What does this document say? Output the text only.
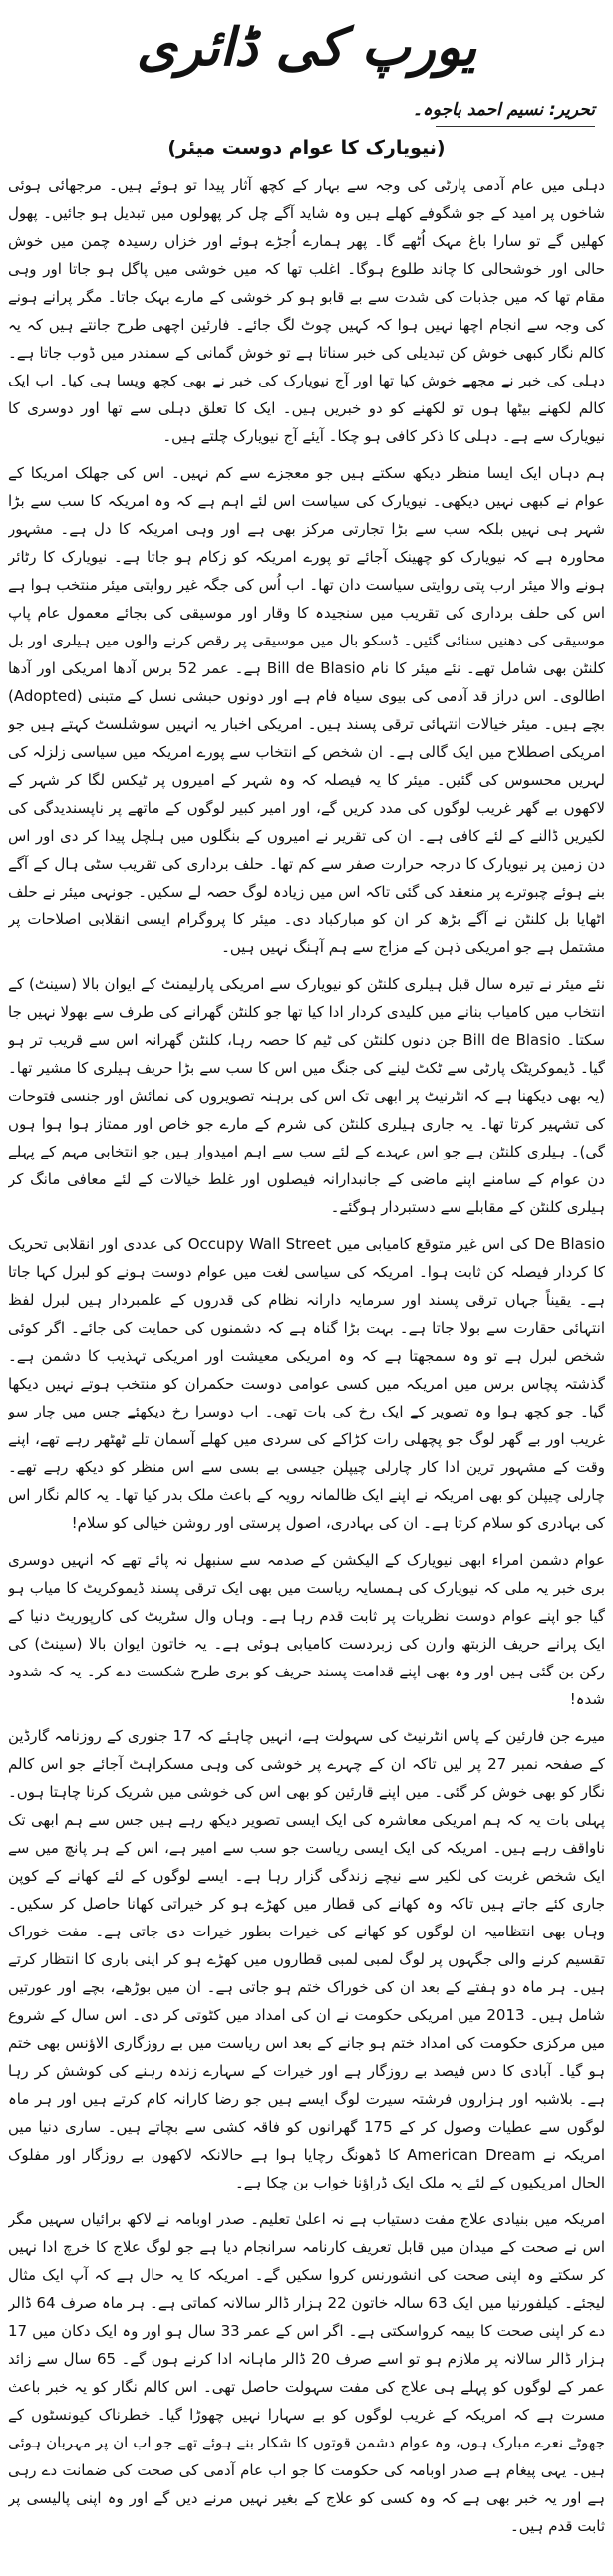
یورپ کی ڈائری
تحریر: نسیم احمد باجوہ۔
(نیویارک کا عوام دوست میئر)

دہلی میں عام آدمی پارٹی کی وجہ سے بہار کے کچھ آثار پیدا تو ہوئے ہیں۔ مرجھائی ہوئی شاخوں پر امید کے جو شگوفے کھلے ہیں وہ شاید آگے چل کر پھولوں میں تبدیل ہو جائیں۔ پھول کھلیں گے تو سارا باغ مہک اُٹھے گا۔ پھر ہمارے اُجڑے ہوئے اور خزاں رسیدہ چمن میں خوش حالی اور خوشحالی کا چاند طلوع ہوگا۔ اغلب تھا کہ میں خوشی میں پاگل ہو جاتا اور وہی مقام تھا کہ میں جذبات کی شدت سے بے قابو ہو کر خوشی کے مارے بہک جاتا۔ مگر پرانے ہونے کی وجہ سے انجام اچھا نہیں ہوا کہ کہیں چوٹ لگ جائے۔ فارئین اچھی طرح جانتے ہیں کہ یہ کالم نگار کبھی خوش کن تبدیلی کی خبر سناتا ہے تو خوش گمانی کے سمندر میں ڈوب جاتا ہے۔ دہلی کی خبر نے مجھے خوش کیا تھا اور آج نیویارک کی خبر نے بھی کچھ ویسا ہی کیا۔ اب ایک کالم لکھنے بیٹھا ہوں تو لکھنے کو دو خبریں ہیں۔ ایک کا تعلق دہلی سے تھا اور دوسری کا نیویارک سے ہے۔ دہلی کا ذکر کافی ہو چکا۔ آیئے آج نیویارک چلتے ہیں۔

ہم دہاں ایک ایسا منظر دیکھ سکتے ہیں جو معجزے سے کم نہیں۔ اس کی جھلک امریکا کے عوام نے کبھی نہیں دیکھی۔ نیویارک کی سیاست اس لئے اہم ہے کہ وہ امریکہ کا سب سے بڑا شہر ہی نہیں بلکہ سب سے بڑا تجارتی مرکز بھی ہے اور وہی امریکہ کا دل ہے۔ مشہور محاورہ ہے کہ نیویارک کو چھینک آجائے تو پورے امریکہ کو زکام ہو جاتا ہے۔ نیویارک کا رٹائر ہونے والا میئر ارب پتی روایتی سیاست دان تھا۔ اب اُس کی جگہ غیر روایتی میئر منتخب ہوا ہے اس کی حلف برداری کی تقریب میں سنجیدہ کا وقار اور موسیقی کی بجائے معمول عام پاپ موسیقی کی دھنیں سنائی گئیں۔ ڈسکو بال میں موسیقی پر رقص کرنے والوں میں ہیلری اور بل کلنٹن بھی شامل تھے۔ نئے میئر کا نام Bill de Blasio ہے۔ عمر 52 برس آدھا امریکی اور آدھا اطالوی۔ اس دراز قد آدمی کی بیوی سیاہ فام ہے اور دونوں حبشی نسل کے متبنی (Adopted) بچے ہیں۔ میئر خیالات انتہائی ترقی پسند ہیں۔ امریکی اخبار یہ انہیں سوشلسٹ کہتے ہیں جو امریکی اصطلاح میں ایک گالی ہے۔ ان شخص کے انتخاب سے پورے امریکہ میں سیاسی زلزلہ کی لہریں محسوس کی گئیں۔ میئر کا یہ فیصلہ کہ وہ شہر کے امیروں پر ٹیکس لگا کر شہر کے لاکھوں بے گھر غریب لوگوں کی مدد کریں گے، اور امیر کبیر لوگوں کے ماتھے پر ناپسندیدگی کی لکیریں ڈالنے کے لئے کافی ہے۔ ان کی تقریر نے امیروں کے بنگلوں میں ہلچل پیدا کر دی اور اس دن زمین پر نیویارک کا درجہ حرارت صفر سے کم تھا۔ حلف برداری کی تقریب سٹی ہال کے آگے بنے ہوئے چبوترے پر منعقد کی گئی تاکہ اس میں زیادہ لوگ حصہ لے سکیں۔ جونہی میئر نے حلف اٹھایا بل کلنٹن نے آگے بڑھ کر ان کو مبارکباد دی۔ میئر کا پروگرام ایسی انقلابی اصلاحات پر مشتمل ہے جو امریکی ذہن کے مزاج سے ہم آہنگ نہیں ہیں۔

نئے میئر نے تیرہ سال قبل ہیلری کلنٹن کو نیویارک سے امریکی پارلیمنٹ کے ایوان بالا (سینٹ) کے انتخاب میں کامیاب بنانے میں کلیدی کردار ادا کیا تھا جو کلنٹن گھرانے کی طرف سے بھولا نہیں جا سکتا۔ Bill de Blasio جن دنوں کلنٹن کی ٹیم کا حصہ رہا، کلنٹن گھرانہ اس سے قریب تر ہو گیا۔ ڈیموکریٹک پارٹی سے ٹکٹ لینے کی جنگ میں اس کا سب سے بڑا حریف ہیلری کا مشیر تھا۔ (یہ بھی دیکھنا ہے کہ انٹرنیٹ پر ابھی تک اس کی برہنہ تصویروں کی نمائش اور جنسی فتوحات کی تشہیر کرتا تھا۔ یہ جاری ہیلری کلنٹن کی شرم کے مارے جو خاص اور ممتاز ہوا ہوا ہوں گی)۔ ہیلری کلنٹن ہے جو اس عہدے کے لئے سب سے اہم امیدوار ہیں جو انتخابی مہم کے پہلے دن عوام کے سامنے اپنے ماضی کے جانبدارانہ فیصلوں اور غلط خیالات کے لئے معافی مانگ کر ہیلری کلنٹن کے مقابلے سے دستبردار ہوگئے۔

De Blasio کی اس غیر متوقع کامیابی میں Occupy Wall Street کی عددی اور انقلابی تحریک کا کردار فیصلہ کن ثابت ہوا۔ امریکہ کی سیاسی لغت میں عوام دوست ہونے کو لبرل کہا جاتا ہے۔ یقیناً جہاں ترقی پسند اور سرمایہ دارانہ نظام کی قدروں کے علمبردار ہیں لبرل لفظ انتہائی حقارت سے بولا جاتا ہے۔ بہت بڑا گناہ ہے کہ دشمنوں کی حمایت کی جائے۔ اگر کوئی شخص لبرل ہے تو وہ سمجھتا ہے کہ وہ امریکی معیشت اور امریکی تہذیب کا دشمن ہے۔ گذشتہ پچاس برس میں امریکہ میں کسی عوامی دوست حکمران کو منتخب ہوتے نہیں دیکھا گیا۔ جو کچھ ہوا وہ تصویر کے ایک رخ کی بات تھی۔ اب دوسرا رخ دیکھئے جس میں چار سو غریب اور بے گھر لوگ جو پچھلی رات کڑاکے کی سردی میں کھلے آسمان تلے ٹھٹھر رہے تھے، اپنے وقت کے مشہور ترین ادا کار چارلی چیپلن جیسی بے بسی سے اس منظر کو دیکھ رہے تھے۔ چارلی چیپلن کو بھی امریکہ نے اپنے ایک ظالمانہ رویہ کے باعث ملک بدر کیا تھا۔ یہ کالم نگار اس کی بہادری کو سلام کرتا ہے۔ ان کی بہادری، اصول پرستی اور روشن خیالی کو سلام!

عوام دشمن امراء ابھی نیویارک کے الیکشن کے صدمہ سے سنبھل نہ پائے تھے کہ انہیں دوسری بری خبر یہ ملی کہ نیویارک کی ہمسایہ ریاست میں بھی ایک ترقی پسند ڈیموکریٹ کا میاب ہو گیا جو اپنے عوام دوست نظریات پر ثابت قدم رہا ہے۔ وہاں وال سٹریٹ کی کارپوریٹ دنیا کے ایک پرانے حریف الزبتھ وارن کی زبردست کامیابی ہوئی ہے۔ یہ خاتون ایوان بالا (سینٹ) کی رکن بن گئی ہیں اور وہ بھی اپنے قدامت پسند حریف کو بری طرح شکست دے کر۔ یہ کہ شدود شدہ!

میرے جن فارئین کے پاس انٹرنیٹ کی سہولت ہے، انہیں چاہئے کہ 17 جنوری کے روزنامہ گارڈین کے صفحہ نمبر 27 پر لیں تاکہ ان کے چہرے پر خوشی کی وہی مسکراہٹ آجائے جو اس کالم نگار کو بھی خوش کر گئی۔ میں اپنے قارئین کو بھی اس کی خوشی میں شریک کرنا چاہتا ہوں۔ پہلی بات یہ کہ ہم امریکی معاشرہ کی ایک ایسی تصویر دیکھ رہے ہیں جس سے ہم ابھی تک ناواقف رہے ہیں۔ امریکہ کی ایک ایسی ریاست جو سب سے امیر ہے، اس کے ہر پانچ میں سے ایک شخص غربت کی لکیر سے نیچے زندگی گزار رہا ہے۔ ایسے لوگوں کے لئے کھانے کے کوپن جاری کئے جاتے ہیں تاکہ وہ کھانے کی قطار میں کھڑے ہو کر خیراتی کھانا حاصل کر سکیں۔ وہاں بھی انتظامیہ ان لوگوں کو کھانے کی خیرات بطور خیرات دی جاتی ہے۔ مفت خوراک تقسیم کرنے والی جگہوں پر لوگ لمبی لمبی قطاروں میں کھڑے ہو کر اپنی باری کا انتظار کرتے ہیں۔ ہر ماہ دو ہفتے کے بعد ان کی خوراک ختم ہو جاتی ہے۔ ان میں بوڑھے، بچے اور عورتیں شامل ہیں۔ 2013 میں امریکی حکومت نے ان کی امداد میں کٹوتی کر دی۔ اس سال کے شروع میں مرکزی حکومت کی امداد ختم ہو جانے کے بعد اس ریاست میں بے روزگاری الاؤنس بھی ختم ہو گیا۔ آبادی کا دس فیصد بے روزگار ہے اور خیرات کے سہارے زندہ رہنے کی کوشش کر رہا ہے۔ بلاشبہ اور ہزاروں فرشتہ سیرت لوگ ایسے ہیں جو رضا کارانہ کام کرتے ہیں اور ہر ماہ لوگوں سے عطیات وصول کر کے 175 گھرانوں کو فاقہ کشی سے بچاتے ہیں۔ ساری دنیا میں امریکہ نے American Dream کا ڈھونگ رچایا ہوا ہے حالانکہ لاکھوں بے روزگار اور مفلوک الحال امریکیوں کے لئے یہ ملک ایک ڈراؤنا خواب بن چکا ہے۔

امریکہ میں بنیادی علاج مفت دستیاب ہے نہ اعلیٰ تعلیم۔ صدر اوبامہ نے لاکھ برائیاں سہیں مگر اس نے صحت کے میدان میں قابل تعریف کارنامہ سرانجام دیا ہے جو لوگ علاج کا خرچ ادا نہیں کر سکتے وہ اپنی صحت کی انشورنس کروا سکیں گے۔ امریکہ کا یہ حال ہے کہ آپ ایک مثال لیجئے۔ کیلفورنیا میں ایک 63 سالہ خاتون 22 ہزار ڈالر سالانہ کماتی ہے۔ ہر ماہ صرف 64 ڈالر دے کر اپنی صحت کا بیمہ کرواسکتی ہے۔ اگر اس کے عمر 33 سال ہو اور وہ ایک دکان میں 17 ہزار ڈالر سالانہ پر ملازم ہو تو اسے صرف 20 ڈالر ماہانہ ادا کرنے ہوں گے۔ 65 سال سے زائد عمر کے لوگوں کو پہلے ہی علاج کی مفت سہولت حاصل تھی۔ اس کالم نگار کو یہ خبر باعث مسرت ہے کہ امریکہ کے غریب لوگوں کو بے سہارا نہیں چھوڑا گیا۔ خطرناک کیونسٹوں کے جھوٹے نعرے مبارک ہوں، وہ عوام دشمن قوتوں کا شکار بنے ہوئے تھے جو اب ان پر مہربان ہوئی ہیں۔ یہی پیغام ہے صدر اوبامہ کی حکومت کا جو اب عام آدمی کی صحت کی ضمانت دے رہی ہے اور یہ خبر بھی ہے کہ وہ کسی کو علاج کے بغیر نہیں مرنے دیں گے اور وہ اپنی پالیسی پر ثابت قدم ہیں۔
